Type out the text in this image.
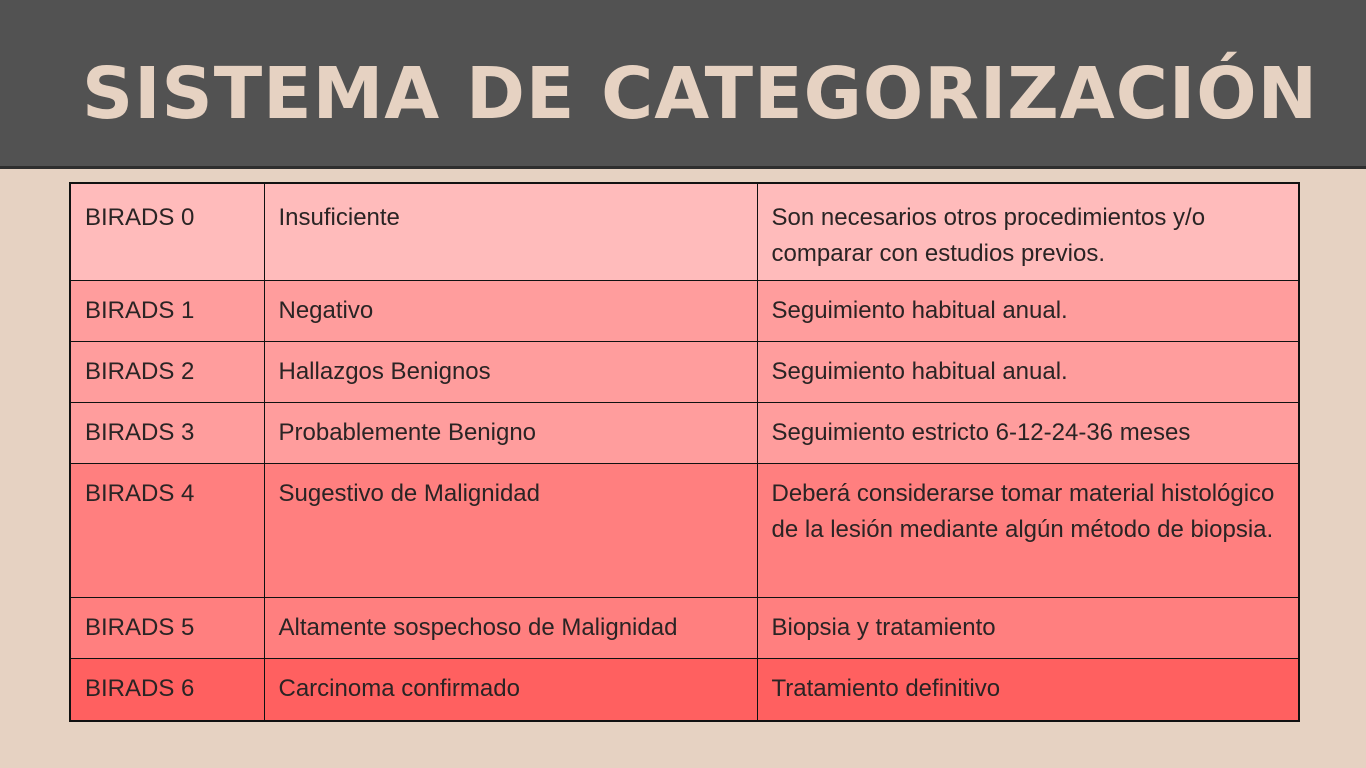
SISTEMA DE CATEGORIZACIÓN
BIRADS 0	Insuficiente	Son necesarios otros procedimientos y/o comparar con estudios previos.
BIRADS 1	Negativo	Seguimiento habitual anual.
BIRADS 2	Hallazgos Benignos	Seguimiento habitual anual.
BIRADS 3	Probablemente Benigno	Seguimiento estricto 6-12-24-36 meses
BIRADS 4	Sugestivo de Malignidad	Deberá considerarse tomar material histológico de la lesión mediante algún método de biopsia.
BIRADS 5	Altamente sospechoso de Malignidad	Biopsia y tratamiento
BIRADS 6	Carcinoma confirmado	Tratamiento definitivo
